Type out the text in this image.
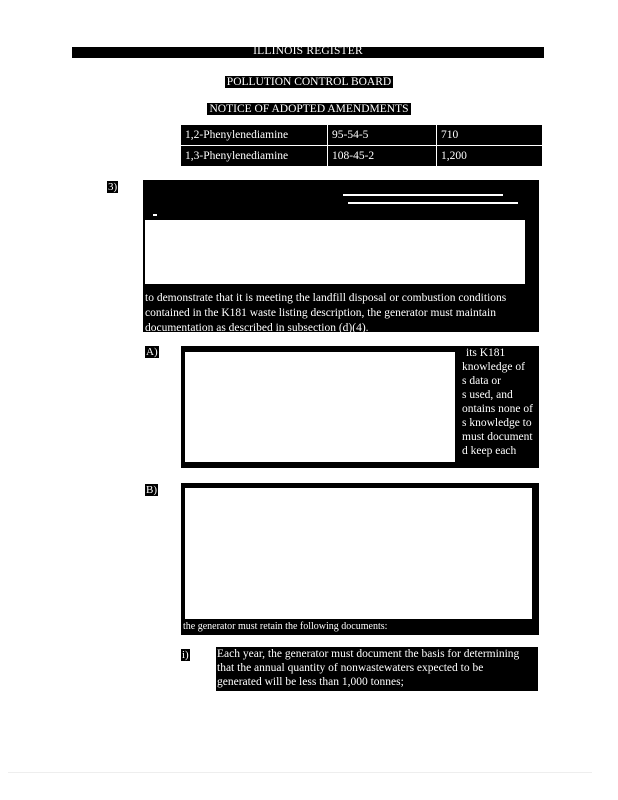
ILLINOIS REGISTER
POLLUTION CONTROL BOARD
NOTICE OF ADOPTED AMENDMENTS
1,2-Phenylenediamine	95-54-5	710
1,3-Phenylenediamine	108-45-2	1,200
3)
to demonstrate that it is meeting the landfill disposal or combustion conditions
contained in the K181 waste listing description, the generator must maintain
documentation as described in subsection (d)(4).
A)	its K181
knowledge of
s data or
s used, and
ontains none of
s knowledge to
must document
d keep each
B)
the generator must retain the following documents:
i) Each year, the generator must document the basis for determining
that the annual quantity of nonwastewaters expected to be
generated will be less than 1,000 tonnes;
